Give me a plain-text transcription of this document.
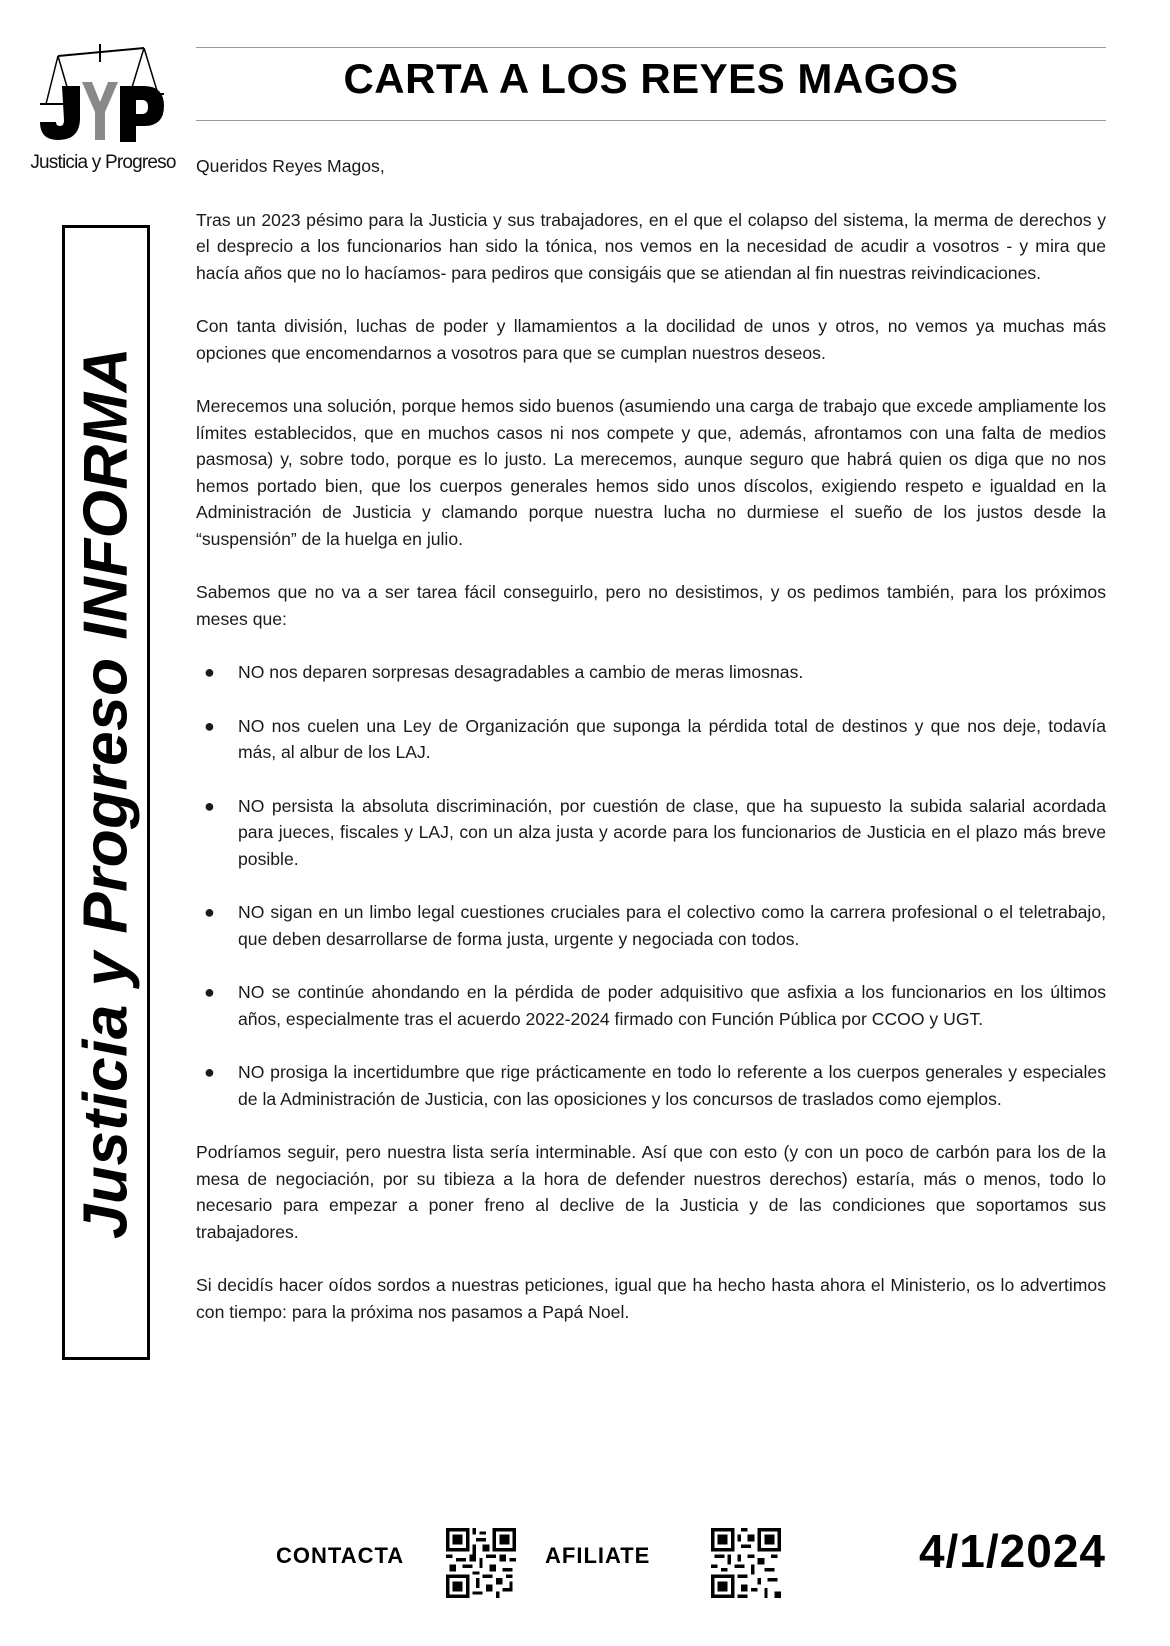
Justicia y Progreso
Justicia y Progreso INFORMA
CARTA A LOS REYES MAGOS

Queridos Reyes Magos,

Tras un 2023 pésimo para la Justicia y sus trabajadores, en el que el colapso del sistema, la merma de derechos y el desprecio a los funcionarios han sido la tónica, nos vemos en la necesidad de acudir a vosotros - y mira que hacía años que no lo hacíamos- para pediros que consigáis que se atiendan al fin nuestras reivindicaciones.

Con tanta división, luchas de poder y llamamientos a la docilidad de unos y otros, no vemos ya muchas más opciones que encomendarnos a vosotros para que se cumplan nuestros deseos.

Merecemos una solución, porque hemos sido buenos (asumiendo una carga de trabajo que excede ampliamente los límites establecidos, que en muchos casos ni nos compete y que, además, afrontamos con una falta de medios pasmosa) y, sobre todo, porque es lo justo. La merecemos, aunque seguro que habrá quien os diga que no nos hemos portado bien, que los cuerpos generales hemos sido unos díscolos, exigiendo respeto e igualdad en la Administración de Justicia y clamando porque nuestra lucha no durmiese el sueño de los justos desde la “suspensión” de la huelga en julio.

Sabemos que no va a ser tarea fácil conseguirlo, pero no desistimos, y os pedimos también, para los próximos meses que:

● NO nos deparen sorpresas desagradables a cambio de meras limosnas.
● NO nos cuelen una Ley de Organización que suponga la pérdida total de destinos y que nos deje, todavía más, al albur de los LAJ.
● NO persista la absoluta discriminación, por cuestión de clase, que ha supuesto la subida salarial acordada para jueces, fiscales y LAJ, con un alza justa y acorde para los funcionarios de Justicia en el plazo más breve posible.
● NO sigan en un limbo legal cuestiones cruciales para el colectivo como la carrera profesional o el teletrabajo, que deben desarrollarse de forma justa, urgente y negociada con todos.
● NO se continúe ahondando en la pérdida de poder adquisitivo que asfixia a los funcionarios en los últimos años, especialmente tras el acuerdo 2022-2024 firmado con Función Pública por CCOO y UGT.
● NO prosiga la incertidumbre que rige prácticamente en todo lo referente a los cuerpos generales y especiales de la Administración de Justicia, con las oposiciones y los concursos de traslados como ejemplos.

Podríamos seguir, pero nuestra lista sería interminable. Así que con esto (y con un poco de carbón para los de la mesa de negociación, por su tibieza a la hora de defender nuestros derechos) estaría, más o menos, todo lo necesario para empezar a poner freno al declive de la Justicia y de las condiciones que soportamos sus trabajadores.

Si decidís hacer oídos sordos a nuestras peticiones, igual que ha hecho hasta ahora el Ministerio, os lo advertimos con tiempo: para la próxima nos pasamos a Papá Noel.

CONTACTA	AFILIATE	4/1/2024
